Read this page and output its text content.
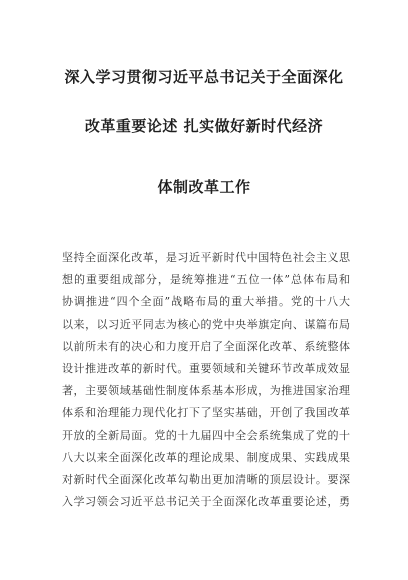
深入学习贯彻习近平总书记关于全面深化
改革重要论述 扎实做好新时代经济
体制改革工作
坚持全面深化改革，是习近平新时代中国特色社会主义思
想的重要组成部分，是统筹推进“五位一体”总体布局和
协调推进“四个全面”战略布局的重大举措。党的十八大
以来，以习近平同志为核心的党中央举旗定向、谋篇布局
以前所未有的决心和力度开启了全面深化改革、系统整体
设计推进改革的新时代。重要领域和关键环节改革成效显
著，主要领域基础性制度体系基本形成，为推进国家治理
体系和治理能力现代化打下了坚实基础，开创了我国改革
开放的全新局面。党的十九届四中全会系统集成了党的十
八大以来全面深化改革的理论成果、制度成果、实践成果
对新时代全面深化改革勾勒出更加清晰的顶层设计。要深
入学习领会习近平总书记关于全面深化改革重要论述，勇
